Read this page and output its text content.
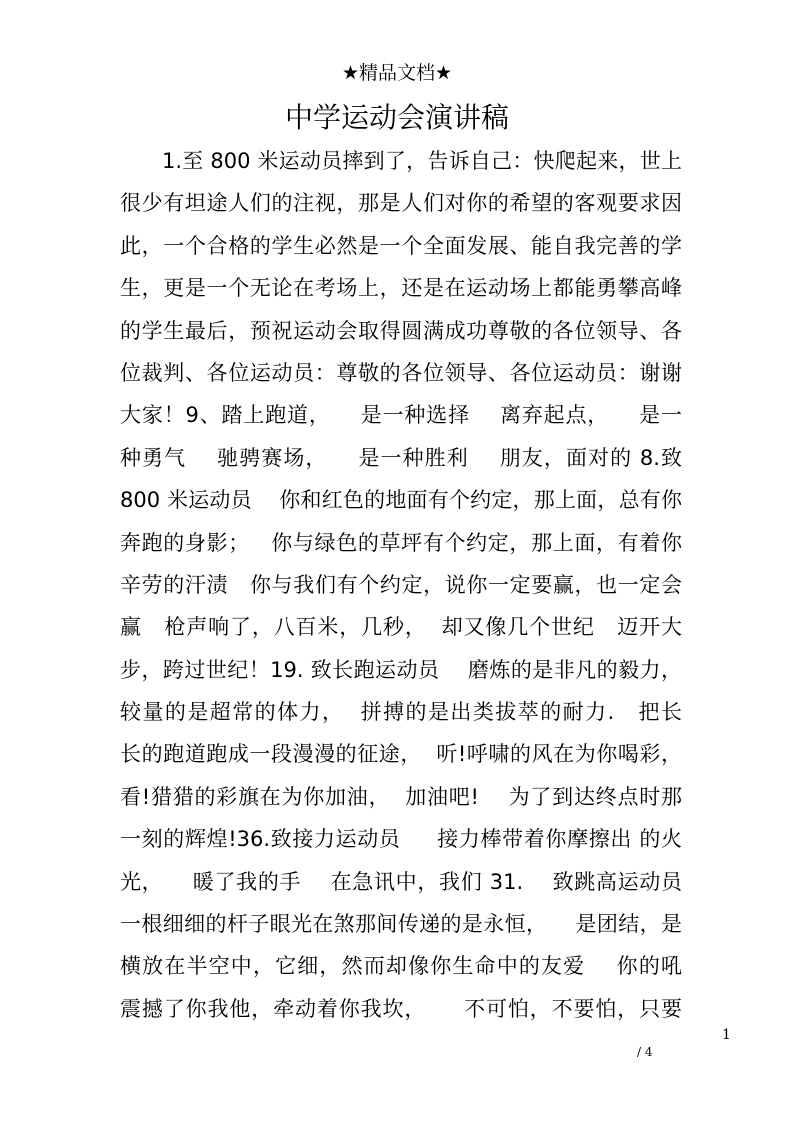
★精品文档★
中学运动会演讲稿
1.至 800 米运动员摔到了，告诉自己：快爬起来，世上
很少有坦途人们的注视，那是人们对你的希望的客观要求因
此，一个合格的学生必然是一个全面发展、能自我完善的学
生，更是一个无论在考场上，还是在运动场上都能勇攀高峰
的学生最后，预祝运动会取得圆满成功尊敬的各位领导、各
位裁判、各位运动员：尊敬的各位领导、各位运动员：谢谢
大家！9、踏上跑道，    是一种选择    离弃起点，    是一
种勇气    驰骋赛场，    是一种胜利    朋友，面对的 8.致
800 米运动员    你和红色的地面有个约定，那上面，总有你
奔跑的身影；   你与绿色的草坪有个约定，那上面，有着你
辛劳的汗渍   你与我们有个约定，说你一定要赢，也一定会
赢   枪声响了，八百米，几秒，  却又像几个世纪   迈开大
步，跨过世纪！19. 致长跑运动员    磨炼的是非凡的毅力，
较量的是超常的体力，  拼搏的是出类拔萃的耐力.   把长
长的跑道跑成一段漫漫的征途，  听!呼啸的风在为你喝彩，
看!猎猎的彩旗在为你加油，  加油吧!    为了到达终点时那
一刻的辉煌!36.致接力运动员     接力棒带着你摩擦出 的火
光，    暖了我的手    在急讯中，我们 31.    致跳高运动员
一根细细的杆子眼光在煞那间传递的是永恒，    是团结，是
横放在半空中，它细，然而却像你生命中的友爱    你的吼
震撼了你我他，牵动着你我坎，     不可怕，不要怕，只要
1
/ 4
